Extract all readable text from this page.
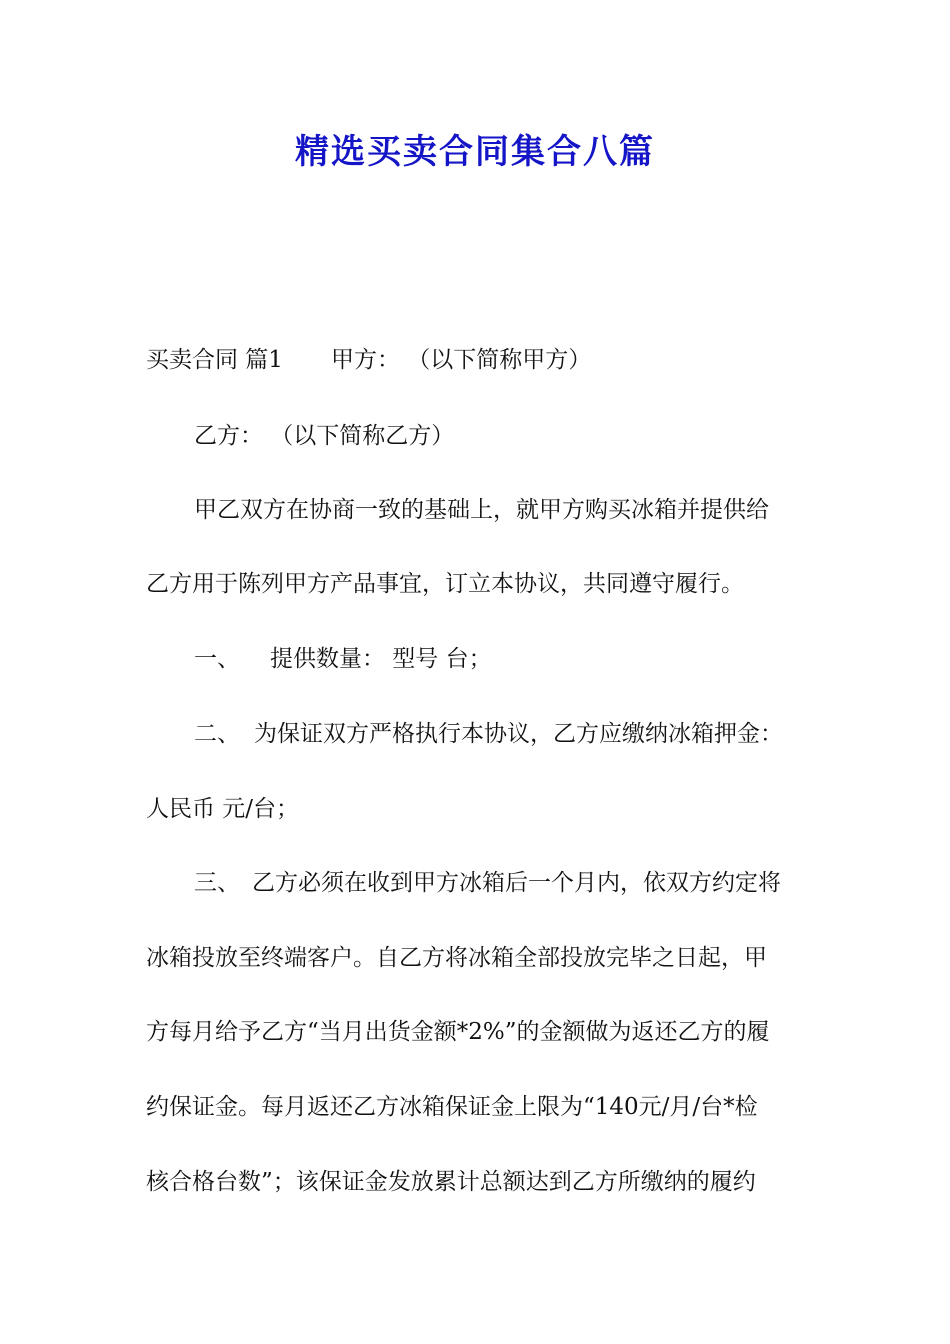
精选买卖合同集合八篇
买卖合同 篇1 甲方： （以下简称甲方）
乙方： （以下简称乙方）
甲乙双方在协商一致的基础上，就甲方购买冰箱并提供给
乙方用于陈列甲方产品事宜，订立本协议，共同遵守履行。
一、 提供数量： 型号 台；
二、 为保证双方严格执行本协议，乙方应缴纳冰箱押金：
人民币 元/台；
三、 乙方必须在收到甲方冰箱后一个月内，依双方约定将
冰箱投放至终端客户。自乙方将冰箱全部投放完毕之日起，甲
方每月给予乙方“当月出货金额*2%”的金额做为返还乙方的履
约保证金。每月返还乙方冰箱保证金上限为“140元/月/台*检
核合格台数”；该保证金发放累计总额达到乙方所缴纳的履约
